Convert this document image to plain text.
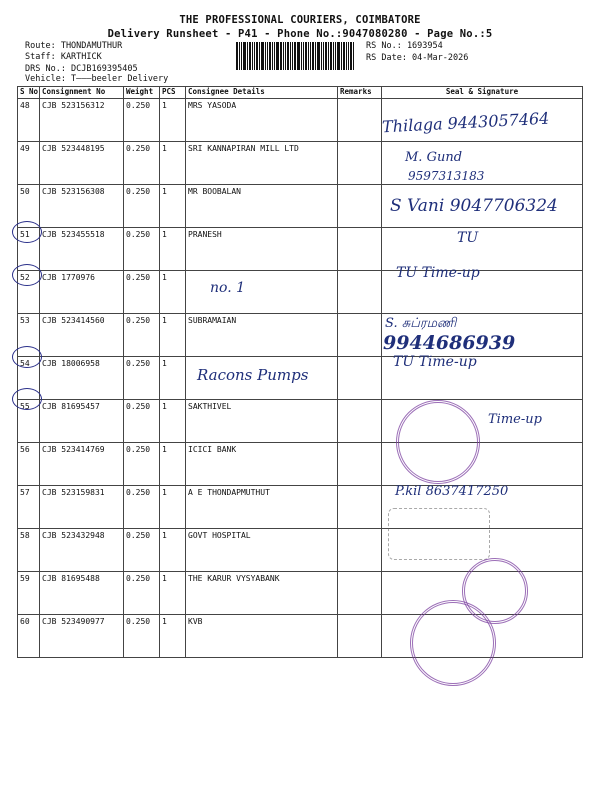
THE PROFESSIONAL COURIERS, COIMBATORE
Delivery Runsheet - P41 - Phone No.:9047080280 - Page No.:5
Route: THONDAMUTHUR
Staff: KARTHICK
DRS No.: DCJB169395405
Vehicle: T———beeler Delivery
RS No.: 1693954
RS Date: 04-Mar-2026
S No	Consignment No	Weight	PCS	Consignee Details	Remarks	Seal & Signature
48	CJB 523156312	0.250	1	MRS YASODA		
49	CJB 523448195	0.250	1	SRI KANNAPIRAN MILL LTD		
50	CJB 523156308	0.250	1	MR BOOBALAN		
51	CJB 523455518	0.250	1	PRANESH		
52	CJB 1770976	0.250	1			
53	CJB 523414560	0.250	1	SUBRAMAIAN		
54	CJB 18006958	0.250	1			
55	CJB 81695457	0.250	1	SAKTHIVEL		
56	CJB 523414769	0.250	1	ICICI BANK		
57	CJB 523159831	0.250	1	A E THONDAPMUTHUT		
58	CJB 523432948	0.250	1	GOVT HOSPITAL		
59	CJB 81695488	0.250	1	THE KARUR VYSYABANK		
60	CJB 523490977	0.250	1	KVB		
Thilaga 9443057464
M. Gund
9597313183
S Vani 9047706324
TU
no. 1
TU Time-up
S. சுப்ரமணி
9944686939
Racons Pumps
TU Time-up
Time-up
P.kil 8637417250
